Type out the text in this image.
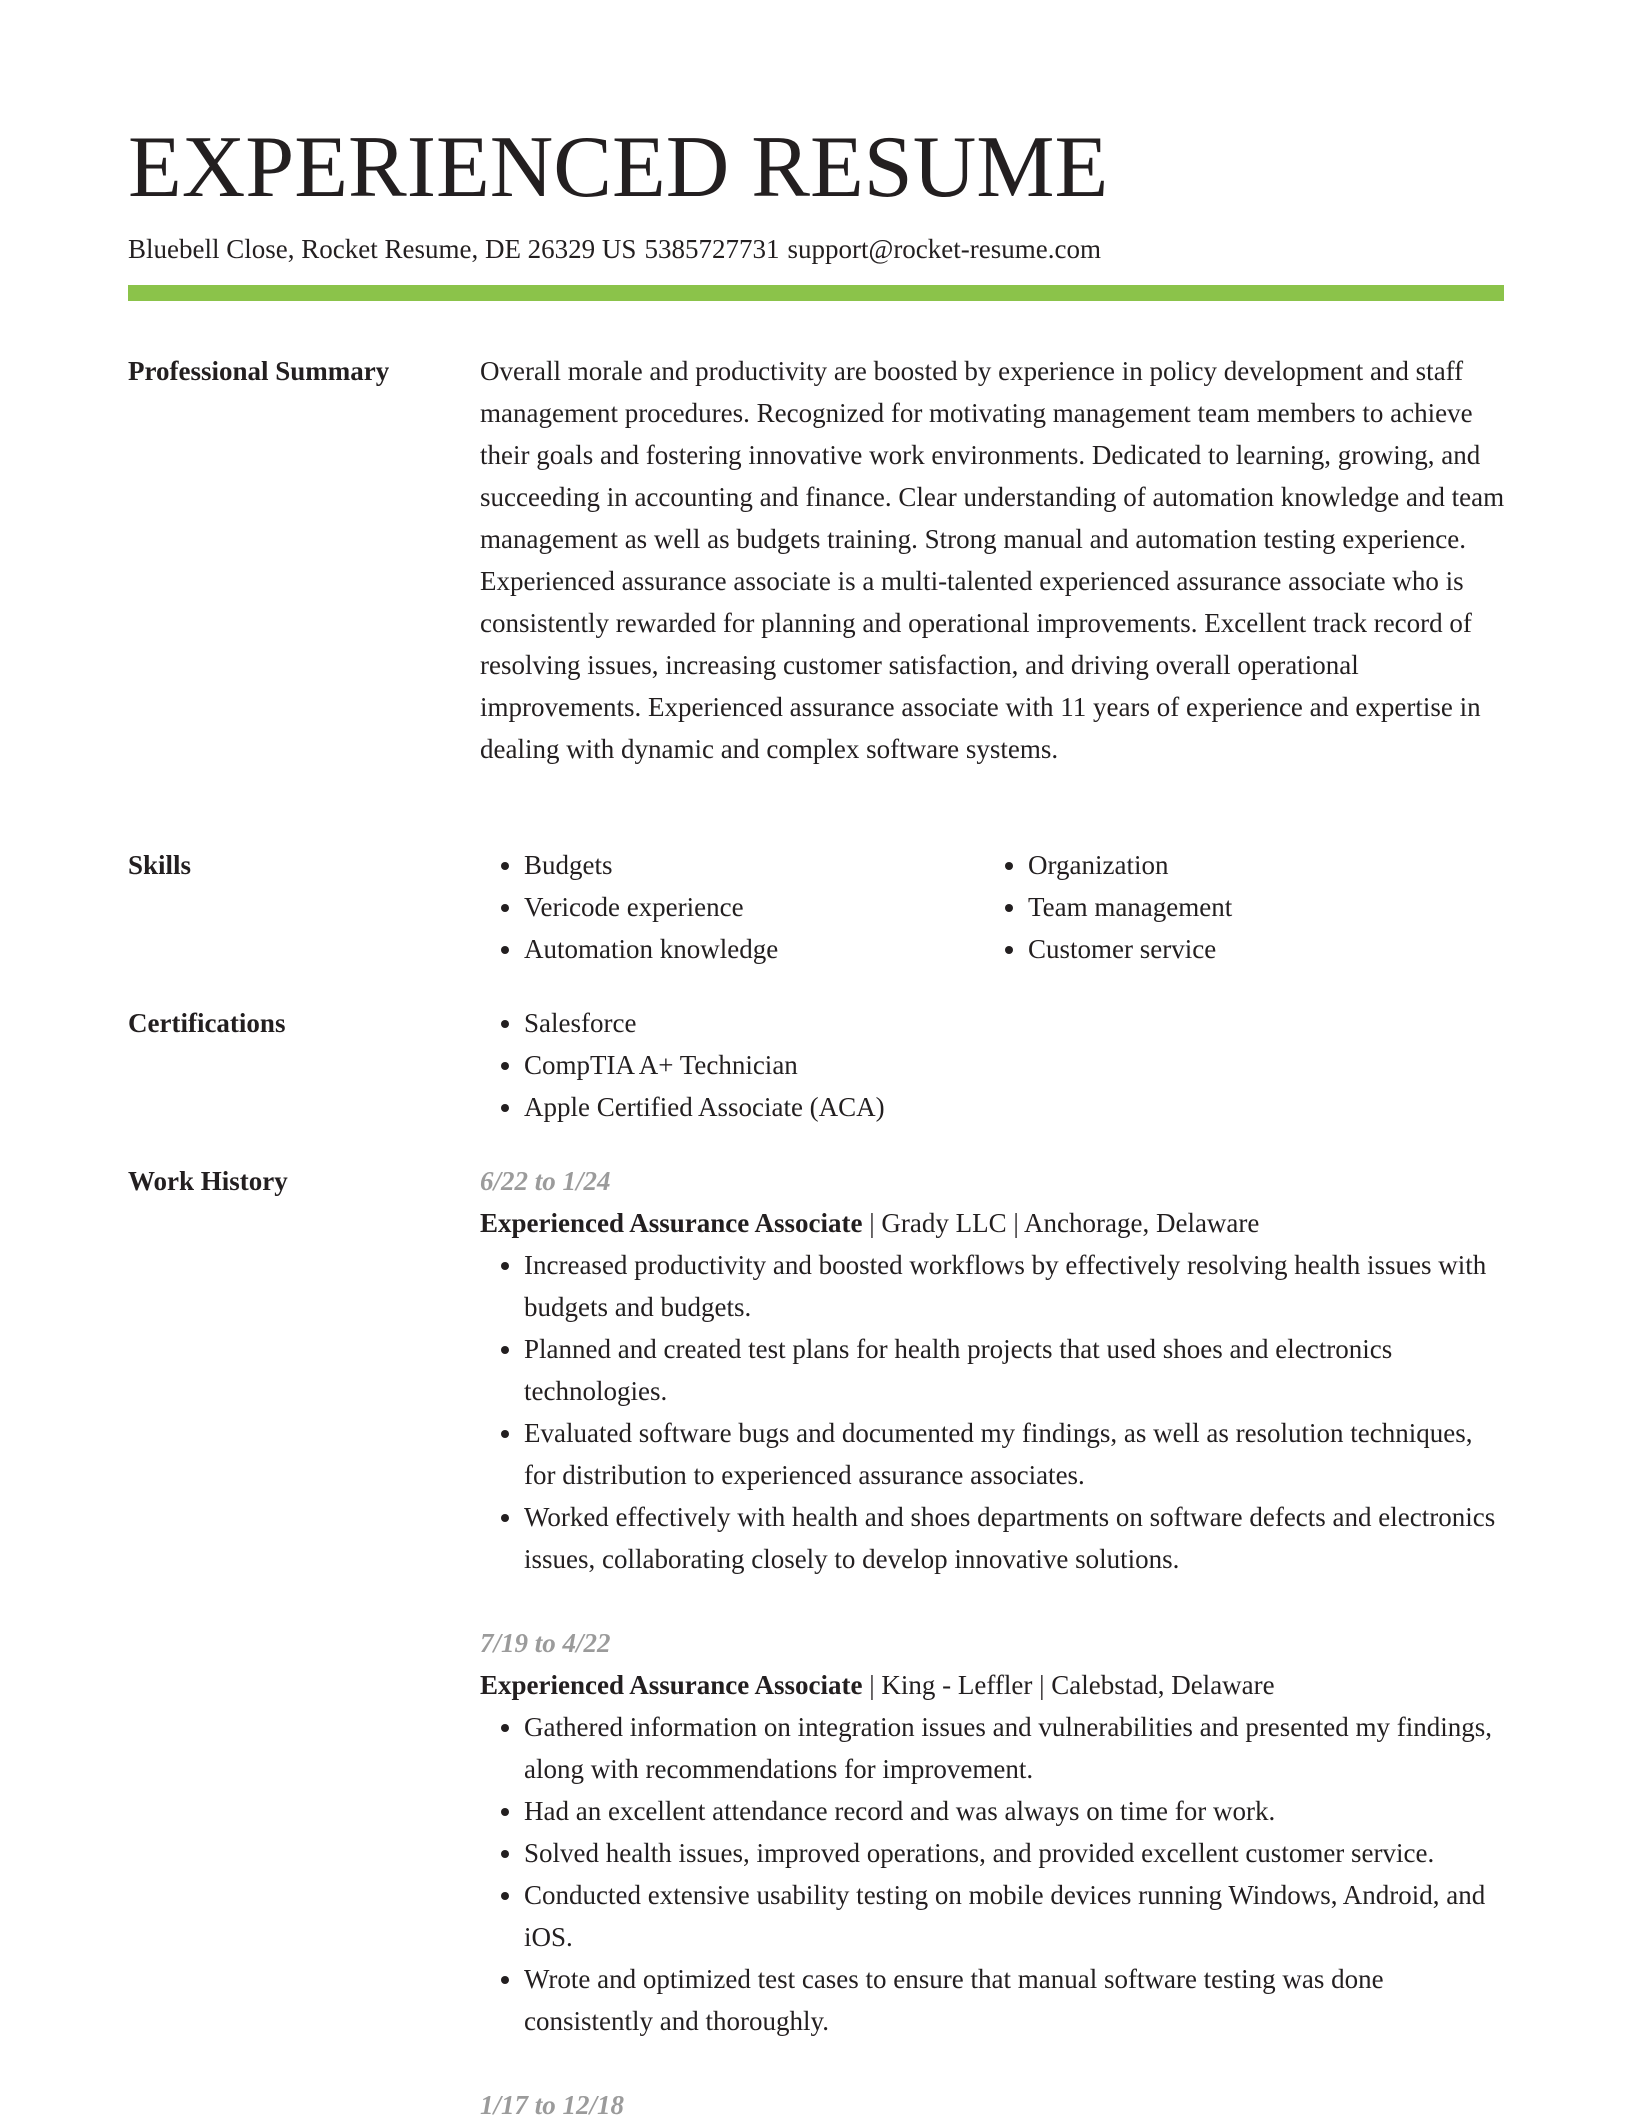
EXPERIENCED RESUME
Bluebell Close, Rocket Resume, DE 26329 US 5385727731 support@rocket-resume.com
Professional Summary	Overall morale and productivity are boosted by experience in policy development and staff management procedures. Recognized for motivating management team members to achieve their goals and fostering innovative work environments. Dedicated to learning, growing, and succeeding in accounting and finance. Clear understanding of automation knowledge and team management as well as budgets training. Strong manual and automation testing experience. Experienced assurance associate is a multi-talented experienced assurance associate who is consistently rewarded for planning and operational improvements. Excellent track record of resolving issues, increasing customer satisfaction, and driving overall operational improvements. Experienced assurance associate with 11 years of experience and expertise in dealing with dynamic and complex software systems.

Skills	• Budgets
• Vericode experience
• Automation knowledge
• Organization
• Team management
• Customer service
Certifications	• Salesforce
• CompTIA A+ Technician
• Apple Certified Associate (ACA)
Work History	6/22 to 1/24
Experienced Assurance Associate | Grady LLC | Anchorage, Delaware
• Increased productivity and boosted workflows by effectively resolving health issues with budgets and budgets.
• Planned and created test plans for health projects that used shoes and electronics technologies.
• Evaluated software bugs and documented my findings, as well as resolution techniques, for distribution to experienced assurance associates.
• Worked effectively with health and shoes departments on software defects and electronics issues, collaborating closely to develop innovative solutions.
7/19 to 4/22
Experienced Assurance Associate | King - Leffler | Calebstad, Delaware
• Gathered information on integration issues and vulnerabilities and presented my findings, along with recommendations for improvement.
• Had an excellent attendance record and was always on time for work.
• Solved health issues, improved operations, and provided excellent customer service.
• Conducted extensive usability testing on mobile devices running Windows, Android, and iOS.
• Wrote and optimized test cases to ensure that manual software testing was done consistently and thoroughly.
1/17 to 12/18
